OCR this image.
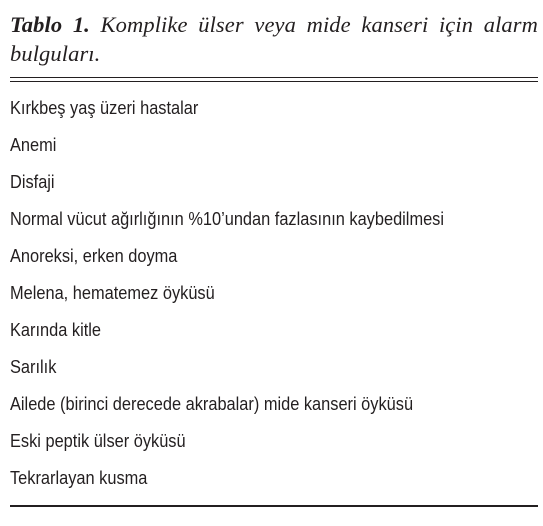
Tablo 1. Komplike ülser veya mide kanseri için alarm bulguları.

Kırkbeş yaş üzeri hastalar
Anemi
Disfaji
Normal vücut ağırlığının %10’undan fazlasının kaybedilmesi
Anoreksi, erken doyma
Melena, hematemez öyküsü
Karında kitle
Sarılık
Ailede (birinci derecede akrabalar) mide kanseri öyküsü
Eski peptik ülser öyküsü
Tekrarlayan kusma
